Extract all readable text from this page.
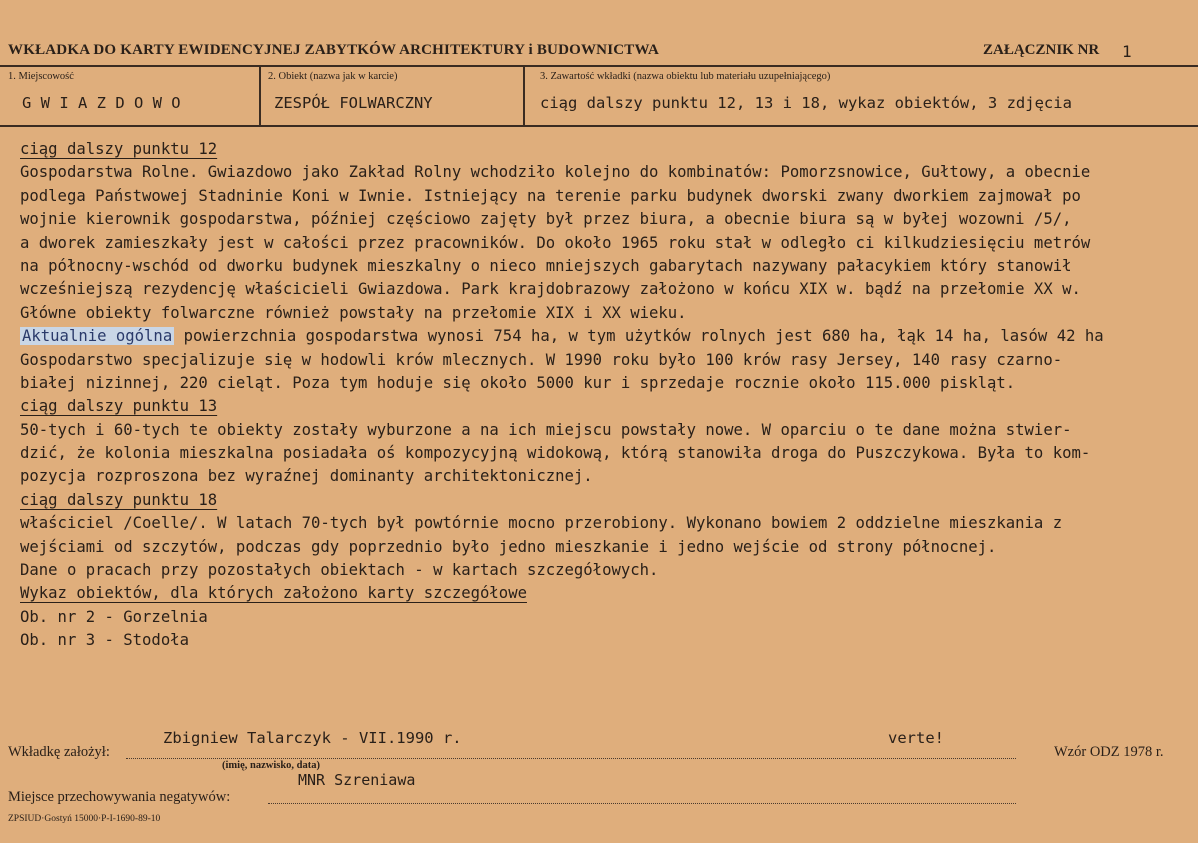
WKŁADKA DO KARTY EWIDENCYJNEJ ZABYTKÓW ARCHITEKTURY i BUDOWNICTWA	ZAŁĄCZNIK NR 1
1. Miejscowość
G W I A Z D O W O
2. Obiekt (nazwa jak w karcie)
ZESPÓŁ FOLWARCZNY
3. Zawartość wkładki (nazwa obiektu lub materiału uzupełniającego)
ciąg dalszy punktu 12, 13 i 18, wykaz obiektów, 3 zdjęcia
ciąg dalszy punktu 12
Gospodarstwa Rolne. Gwiazdowo jako Zakład Rolny wchodziło kolejno do kombinatów: Pomorzsnowice, Gułtowy, a obecnie
podlega Państwowej Stadninie Koni w Iwnie. Istniejący na terenie parku budynek dworski zwany dworkiem zajmował po
wojnie kierownik gospodarstwa, później częściowo zajęty był przez biura, a obecnie biura są w byłej wozowni /5/,
a dworek zamieszkały jest w całości przez pracowników. Do około 1965 roku stał w odległo ci kilkudziesięciu metrów
na północny-wschód od dworku budynek mieszkalny o nieco mniejszych gabarytach nazywany pałacykiem który stanowił
wcześniejszą rezydencję właścicieli Gwiazdowa. Park krajdobrazowy założono w końcu XIX w. bądź na przełomie XX w.
Główne obiekty folwarczne również powstały na przełomie XIX i XX wieku.
Aktualnie ogólna powierzchnia gospodarstwa wynosi 754 ha, w tym użytków rolnych jest 680 ha, łąk 14 ha, lasów 42 ha
Gospodarstwo specjalizuje się w hodowli krów mlecznych. W 1990 roku było 100 krów rasy Jersey, 140 rasy czarno-
białej nizinnej, 220 cieląt. Poza tym hoduje się około 5000 kur i sprzedaje rocznie około 115.000 piskląt.
ciąg dalszy punktu 13
50-tych i 60-tych te obiekty zostały wyburzone a na ich miejscu powstały nowe. W oparciu o te dane można stwier-
dzić, że kolonia mieszkalna posiadała oś kompozycyjną widokową, którą stanowiła droga do Puszczykowa. Była to kom-
pozycja rozproszona bez wyraźnej dominanty architektonicznej.
ciąg dalszy punktu 18
właściciel /Coelle/. W latach 70-tych był powtórnie mocno przerobiony. Wykonano bowiem 2 oddzielne mieszkania z
wejściami od szczytów, podczas gdy poprzednio było jedno mieszkanie i jedno wejście od strony północnej.
Dane o pracach przy pozostałych obiektach - w kartach szczegółowych.
Wykaz obiektów, dla których założono karty szczegółowe
Ob. nr 2 - Gorzelnia
Ob. nr 3 - Stodoła
Wkładkę założył:
Zbigniew Talarczyk - VII.1990 r.	verte!
Wzór ODZ 1978 r.
(imię, nazwisko, data)
MNR Szreniawa
Miejsce przechowywania negatywów:
ZPSIUD·Gostyń 15000·P-I-1690-89-10
